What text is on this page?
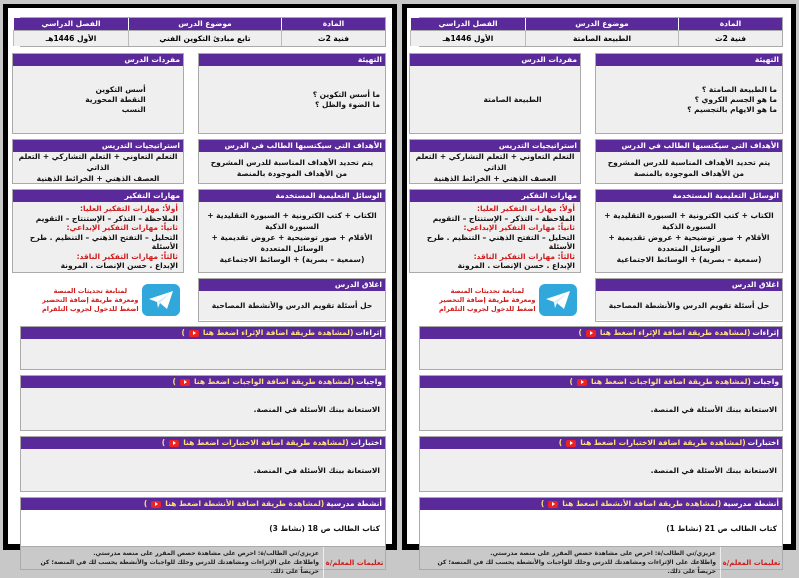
المادة
موضوع الدرس
الفصل الدراسي
فنية 2ث
تابع مبادئ التكوين الفني
الأول 1446هـ
التهيئة
ما أسس التكوين ؟
ما الضوء والظل ؟
مفردات الدرس
أسس التكوين
النقطة المحورية
النسب
الأهداف التي سيكتسبها الطالب في الدرس
يتم تحديد الأهداف المناسبة للدرس المشروح من الأهداف الموجودة بالمنصة
استراتيجيات التدريس
التعلم التعاوني + التعلم التشاركي + التعلم الذاتي
العصف الذهني + الخرائط الذهنية
الوسائل التعليمية المستخدمة
الكتاب + كتب الكترونية + السبورة التقليدية + السبورة الذكية
الأقلام + صور توضيحية + عروض تقديمية + الوسائل المتعددة
(سمعية – بصرية) + الوسائط الاجتماعية
مهارات التفكير
أولاً: مهارات التفكير العليا:
الملاحظة – التذكر – الإستنتاج – التقويم
ثانياً: مهارات التفكير الإبداعي:
التحليل – التفتح الذهني – التنظيم . طرح الأسئلة
ثالثاً: مهارات التفكير الناقد:
الإبداع . حسن الإنصات . المرونة
اغلاق الدرس
حل أسئلة تقويم الدرس والأنشطة المصاحبة
لمتابعة تحديثات المنصة
ومعرفة طريقة إضافة التحضير
اضغط للدخول لجروب التلقرام
إثراءات
(لمشاهدة طريقة اضافة الإثراء اضغط هنا
)
واجبات
(لمشاهدة طريقة اضافة الواجبات اضغط هنا
)
الاستعانة ببنك الأسئلة في المنصة.
اختبارات
(لمشاهدة طريقة اضافة الاختبارات اضغط هنا
)
الاستعانة ببنك الأسئلة في المنصة.
أنشطة مدرسية
(لمشاهدة طريقة اضافة الأنشطة اضغط هنا
)
كتاب الطالب ص 18 (نشاط 3)
تعليمات المعلم/ة
عزيزي/تي الطالب/ة: احرص على مشاهدة حصص المقرر على منصة مدرستي.
واطلاعك على الإثراءات ومشاهدتك للدرس وحلك للواجبات والأنشطة يحسب لك في المنصة؛ كن حريصاً على ذلك.
المادة
موضوع الدرس
الفصل الدراسي
فنية 2ث
الطبيعة الصامتة
الأول 1446هـ
التهيئة
ما الطبيعة الصامتة ؟
ما هو الجسم الكروي ؟
ما هو الايهام بالتجسيم ؟
مفردات الدرس
الطبيعة الصامتة
الأهداف التي سيكتسبها الطالب في الدرس
يتم تحديد الأهداف المناسبة للدرس المشروح من الأهداف الموجودة بالمنصة
استراتيجيات التدريس
التعلم التعاوني + التعلم التشاركي + التعلم الذاتي
العصف الذهني + الخرائط الذهنية
الوسائل التعليمية المستخدمة
الكتاب + كتب الكترونية + السبورة التقليدية + السبورة الذكية
الأقلام + صور توضيحية + عروض تقديمية + الوسائل المتعددة
(سمعية – بصرية) + الوسائط الاجتماعية
مهارات التفكير
أولاً: مهارات التفكير العليا:
الملاحظة – التذكر – الإستنتاج – التقويم
ثانياً: مهارات التفكير الإبداعي:
التحليل – التفتح الذهني – التنظيم . طرح الأسئلة
ثالثاً: مهارات التفكير الناقد:
الإبداع . حسن الإنصات . المرونة
اغلاق الدرس
حل أسئلة تقويم الدرس والأنشطة المصاحبة
لمتابعة تحديثات المنصة
ومعرفة طريقة إضافة التحضير
اضغط للدخول لجروب التلقرام
إثراءات
(لمشاهدة طريقة اضافة الإثراء اضغط هنا
)
واجبات
(لمشاهدة طريقة اضافة الواجبات اضغط هنا
)
الاستعانة ببنك الأسئلة في المنصة.
اختبارات
(لمشاهدة طريقة اضافة الاختبارات اضغط هنا
)
الاستعانة ببنك الأسئلة في المنصة.
أنشطة مدرسية
(لمشاهدة طريقة اضافة الأنشطة اضغط هنا
)
كتاب الطالب ص 21 (نشاط 1)
تعليمات المعلم/ة
عزيزي/تي الطالب/ة: احرص على مشاهدة حصص المقرر على منصة مدرستي.
واطلاعك على الإثراءات ومشاهدتك للدرس وحلك للواجبات والأنشطة يحسب لك في المنصة؛ كن حريصاً على ذلك.
